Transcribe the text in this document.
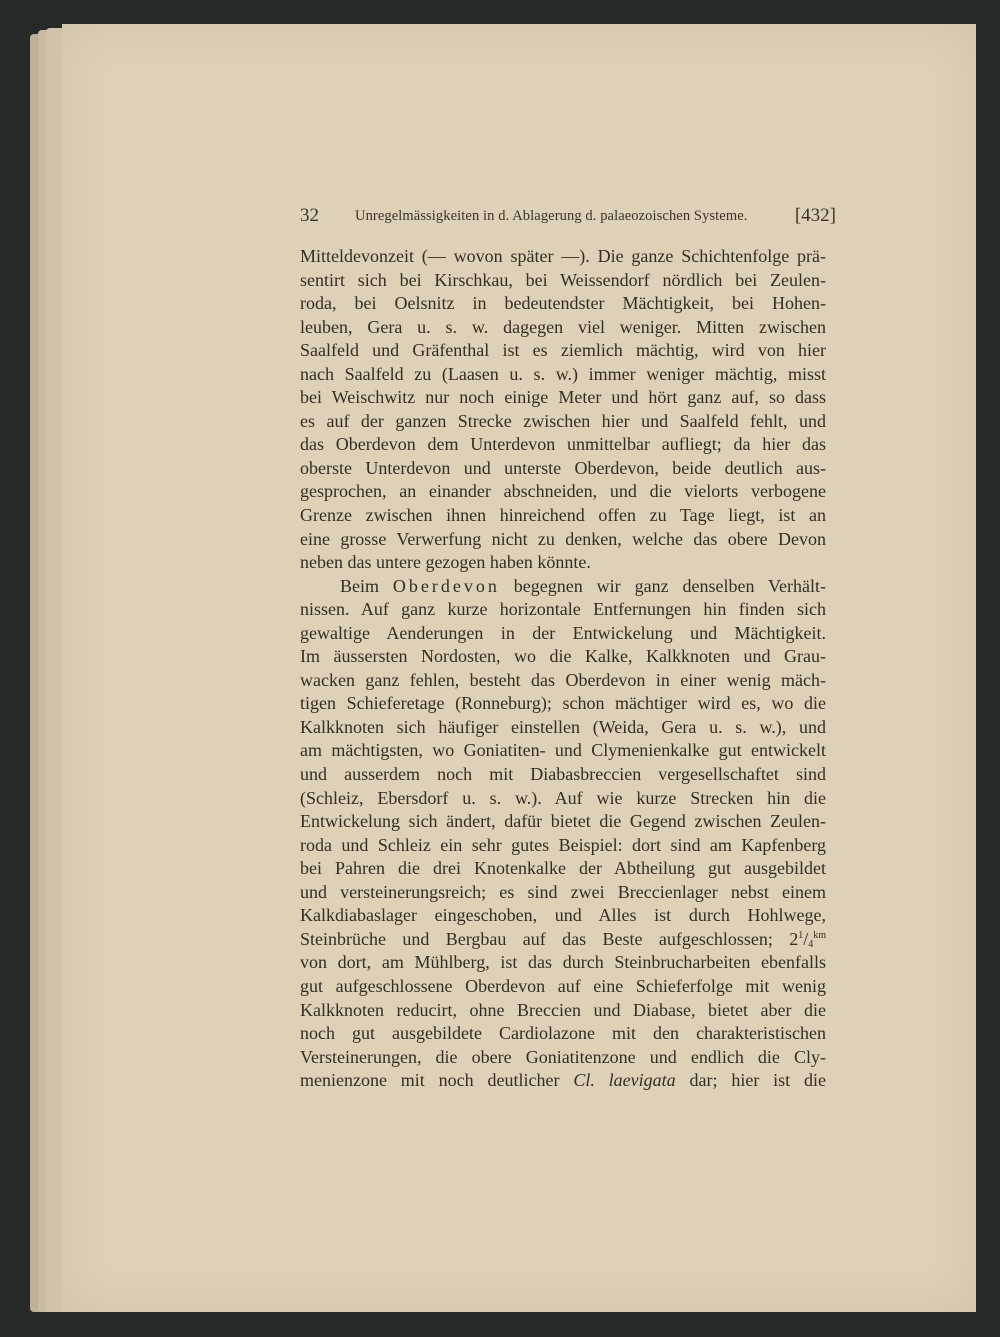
32 Unregelmässigkeiten in d. Ablagerung d. palaeozoischen Systeme. [432]
Mitteldevonzeit (— wovon später —). Die ganze Schichtenfolge prä-
sentirt sich bei Kirschkau, bei Weissendorf nördlich bei Zeulen-
roda, bei Oelsnitz in bedeutendster Mächtigkeit, bei Hohen-
leuben, Gera u. s. w. dagegen viel weniger. Mitten zwischen
Saalfeld und Gräfenthal ist es ziemlich mächtig, wird von hier
nach Saalfeld zu (Laasen u. s. w.) immer weniger mächtig, misst
bei Weischwitz nur noch einige Meter und hört ganz auf, so dass
es auf der ganzen Strecke zwischen hier und Saalfeld fehlt, und
das Oberdevon dem Unterdevon unmittelbar aufliegt; da hier das
oberste Unterdevon und unterste Oberdevon, beide deutlich aus-
gesprochen, an einander abschneiden, und die vielorts verbogene
Grenze zwischen ihnen hinreichend offen zu Tage liegt, ist an
eine grosse Verwerfung nicht zu denken, welche das obere Devon
neben das untere gezogen haben könnte.
Beim Oberdevon begegnen wir ganz denselben Verhält-
nissen. Auf ganz kurze horizontale Entfernungen hin finden sich
gewaltige Aenderungen in der Entwickelung und Mächtigkeit.
Im äussersten Nordosten, wo die Kalke, Kalkknoten und Grau-
wacken ganz fehlen, besteht das Oberdevon in einer wenig mäch-
tigen Schieferetage (Ronneburg); schon mächtiger wird es, wo die
Kalkknoten sich häufiger einstellen (Weida, Gera u. s. w.), und
am mächtigsten, wo Goniatiten- und Clymenienkalke gut entwickelt
und ausserdem noch mit Diabasbreccien vergesellschaftet sind
(Schleiz, Ebersdorf u. s. w.). Auf wie kurze Strecken hin die
Entwickelung sich ändert, dafür bietet die Gegend zwischen Zeulen-
roda und Schleiz ein sehr gutes Beispiel: dort sind am Kapfenberg
bei Pahren die drei Knotenkalke der Abtheilung gut ausgebildet
und versteinerungsreich; es sind zwei Breccienlager nebst einem
Kalkdiabaslager eingeschoben, und Alles ist durch Hohlwege,
Steinbrüche und Bergbau auf das Beste aufgeschlossen; $2^1/_4^{km}$
von dort, am Mühlberg, ist das durch Steinbrucharbeiten ebenfalls
gut aufgeschlossene Oberdevon auf eine Schieferfolge mit wenig
Kalkknoten reducirt, ohne Breccien und Diabase, bietet aber die
noch gut ausgebildete Cardiolazone mit den charakteristischen
Versteinerungen, die obere Goniatitenzone und endlich die Cly-
menienzone mit noch deutlicher Cl. laevigata dar; hier ist die
